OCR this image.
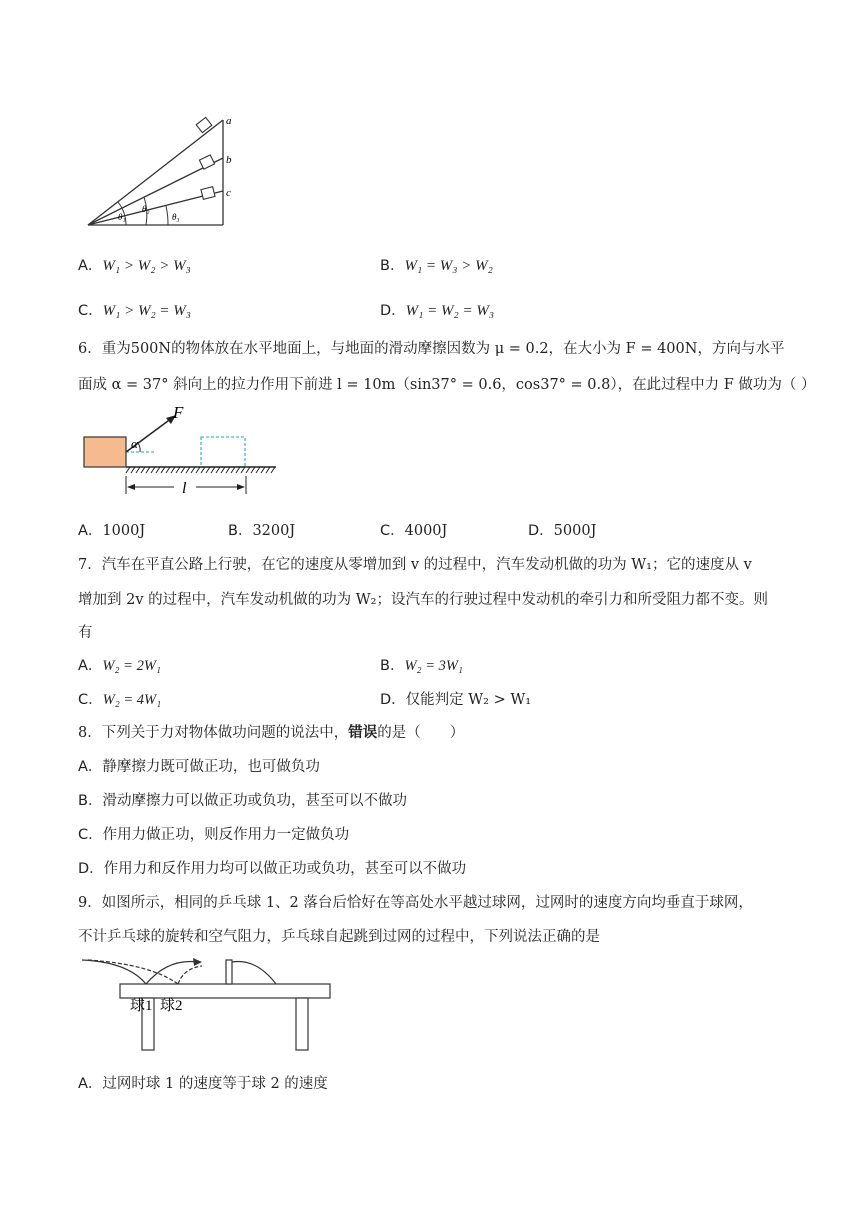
a
b
c
θ₁
θ₂
θ₃
A．W₁ > W₂ > W₃	B．W₁ = W₃ > W₂
C．W₁ > W₂ = W₃	D．W₁ = W₂ = W₃
6．重为500N的物体放在水平地面上，与地面的滑动摩擦因数为 μ = 0.2，在大小为 F = 400N，方向与水平
面成 α = 37° 斜向上的拉力作用下前进 l = 10m（sin37° = 0.6，cos37° = 0.8），在此过程中力 F 做功为（ ）
F
α
l
A．1000J	B．3200J	C．4000J	D．5000J
7．汽车在平直公路上行驶，在它的速度从零增加到 v 的过程中，汽车发动机做的功为 W₁；它的速度从 v
增加到 2v 的过程中，汽车发动机做的功为 W₂；设汽车的行驶过程中发动机的牵引力和所受阻力都不变。则
有
A．W₂ = 2W₁	B．W₂ = 3W₁
C．W₂ = 4W₁	D．仅能判定 W₂ > W₁
8．下列关于力对物体做功问题的说法中，错误的是（　　）
A．静摩擦力既可做正功，也可做负功
B．滑动摩擦力可以做正功或负功，甚至可以不做功
C．作用力做正功，则反作用力一定做负功
D．作用力和反作用力均可以做正功或负功，甚至可以不做功
9．如图所示，相同的乒乓球 1、2 落台后恰好在等高处水平越过球网，过网时的速度方向均垂直于球网，
不计乒乓球的旋转和空气阻力，乒乓球自起跳到过网的过程中，下列说法正确的是
球1 球2
A．过网时球 1 的速度等于球 2 的速度
